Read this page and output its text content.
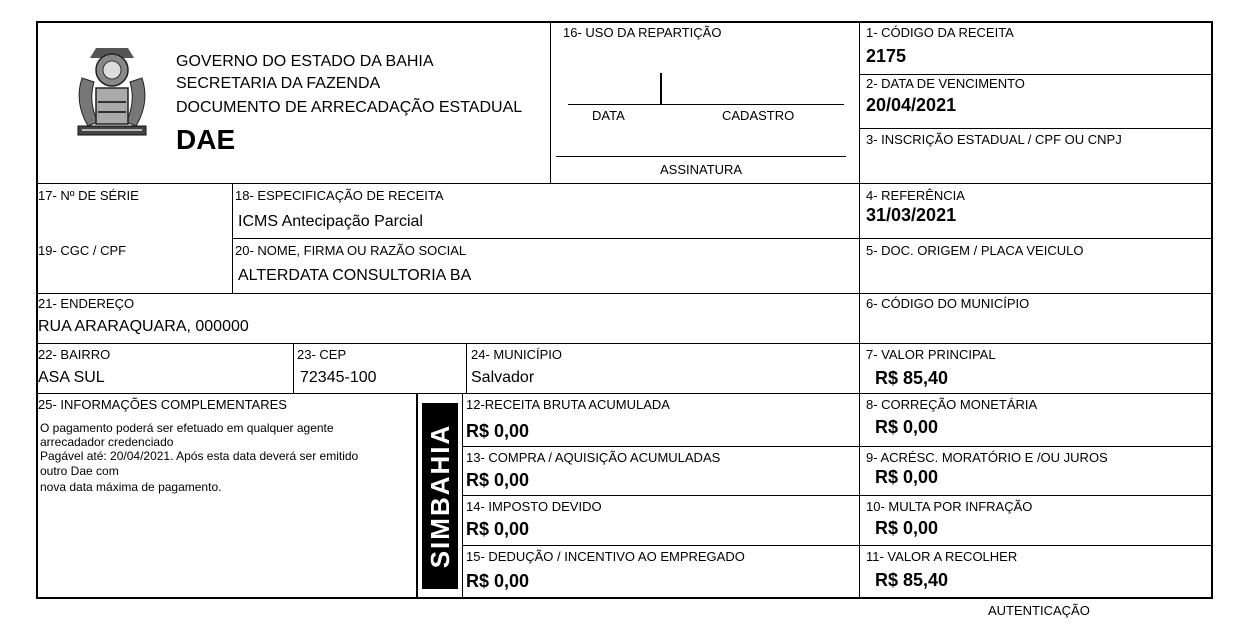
GOVERNO DO ESTADO DA BAHIA
SECRETARIA DA FAZENDA
DOCUMENTO DE ARRECADAÇÃO ESTADUAL
DAE
16- USO DA REPARTIÇÃO
DATA	CADASTRO
ASSINATURA
1- CÓDIGO DA RECEITA
2175
2- DATA DE VENCIMENTO
20/04/2021
3- INSCRIÇÃO ESTADUAL / CPF OU CNPJ
4- REFERÊNCIA
31/03/2021
5- DOC. ORIGEM / PLACA VEICULO
6- CÓDIGO DO MUNICÍPIO
7- VALOR PRINCIPAL
R$ 85,40
8- CORREÇÃO MONETÁRIA
R$ 0,00
9- ACRÉSC. MORATÓRIO E /OU JUROS
R$ 0,00
10- MULTA POR INFRAÇÃO
R$ 0,00
11- VALOR A RECOLHER
R$ 85,40
17- Nº DE SÉRIE	18- ESPECIFICAÇÃO DE RECEITA
ICMS Antecipação Parcial
19- CGC / CPF	20- NOME, FIRMA OU RAZÃO SOCIAL
ALTERDATA CONSULTORIA BA
21- ENDEREÇO
RUA ARARAQUARA, 000000
22- BAIRRO
ASA SUL
23- CEP
72345-100
24- MUNICÍPIO
Salvador
25- INFORMAÇÕES COMPLEMENTARES
O pagamento poderá ser efetuado em qualquer agente
arrecadador credenciado
Pagável até: 20/04/2021. Após esta data deverá ser emitido
outro Dae com
nova data máxima de pagamento.	SIMBAHIA
12-RECEITA BRUTA ACUMULADA
R$ 0,00
13- COMPRA / AQUISIÇÃO ACUMULADAS
R$ 0,00
14- IMPOSTO DEVIDO
R$ 0,00
15- DEDUÇÃO / INCENTIVO AO EMPREGADO
R$ 0,00
AUTENTICAÇÃO
